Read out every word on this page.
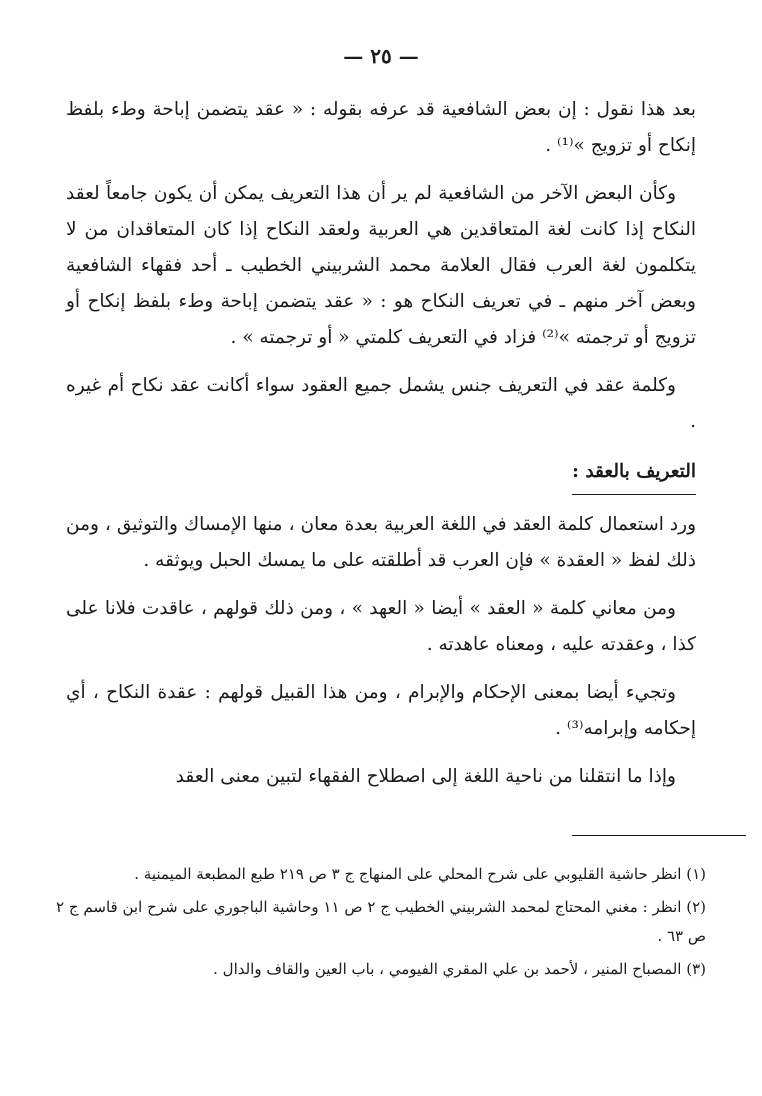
— ٢٥ —

بعد هذا نقول : إن بعض الشافعية قد عرفه بقوله : « عقد يتضمن إباحة وطء بلفظ إنكاح أو تزويج »⁽¹⁾ .

وكأن البعض الآخر من الشافعية لم ير أن هذا التعريف يمكن أن يكون جامعاً لعقد النكاح إذا كانت لغة المتعاقدين هي العربية ولعقد النكاح إذا كان المتعاقدان من لا يتكلمون لغة العرب فقال العلامة محمد الشربيني الخطيب ـ أحد فقهاء الشافعية وبعض آخر منهم ـ في تعريف النكاح هو : « عقد يتضمن إباحة وطء بلفظ إنكاح أو تزويج أو ترجمته »⁽²⁾ فزاد في التعريف كلمتي « أو ترجمته » .

وكلمة عقد في التعريف جنس يشمل جميع العقود سواء أكانت عقد نكاح أم غيره .

التعريف بالعقد :

ورد استعمال كلمة العقد في اللغة العربية بعدة معان ، منها الإمساك والتوثيق ، ومن ذلك لفظ « العقدة » فإن العرب قد أطلقته على ما يمسك الحبل ويوثقه .

ومن معاني كلمة « العقد » أيضا « العهد » ، ومن ذلك قولهم ، عاقدت فلانا على كذا ، وعقدته عليه ، ومعناه عاهدته .

وتجيء أيضا بمعنى الإحكام والإبرام ، ومن هذا القبيل قولهم : عقدة النكاح ، أي إحكامه وإبرامه⁽³⁾ .

وإذا ما انتقلنا من ناحية اللغة إلى اصطلاح الفقهاء لتبين معنى العقد

(١) انظر حاشية القليوبي على شرح المحلي على المنهاج ج ٣ ص ٢١٩ طبع المطبعة الميمنية .

(٢) انظر : مغني المحتاج لمحمد الشربيني الخطيب ج ٢ ص ١١ وحاشية الباجوري على شرح ابن قاسم ج ٢ ص ٦٣ .

(٣) المصباح المنير ، لأحمد بن علي المقري الفيومي ، باب العين والقاف والدال .
